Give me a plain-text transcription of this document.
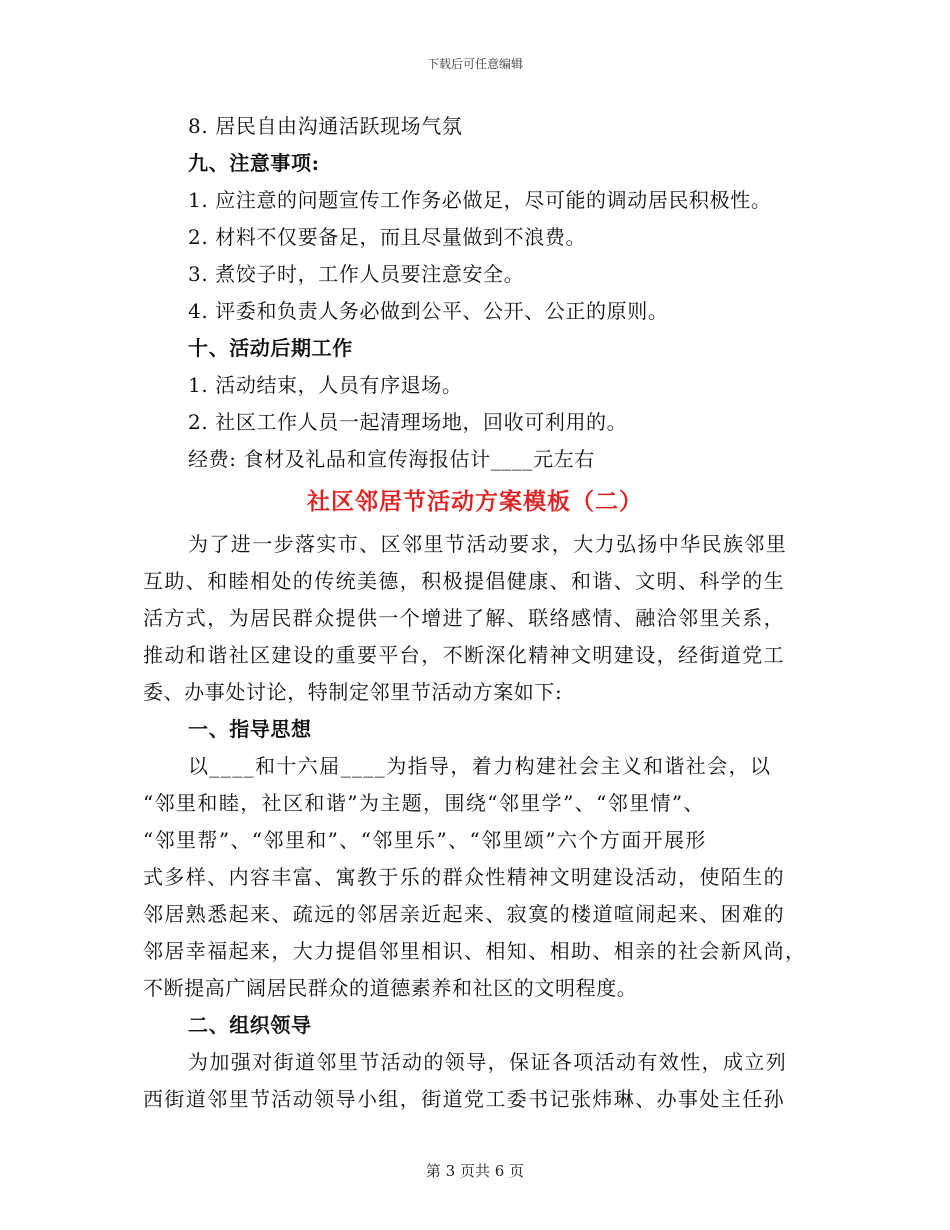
下载后可任意编辑
8. 居民自由沟通活跃现场气氛
九、注意事项:
1. 应注意的问题宣传工作务必做足，尽可能的调动居民积极性。
2. 材料不仅要备足，而且尽量做到不浪费。
3. 煮饺子时，工作人员要注意安全。
4. 评委和负责人务必做到公平、公开、公正的原则。
十、活动后期工作
1. 活动结束，人员有序退场。
2. 社区工作人员一起清理场地，回收可利用的。
经费: 食材及礼品和宣传海报估计____元左右
社区邻居节活动方案模板（二）
为了进一步落实市、区邻里节活动要求，大力弘扬中华民族邻里
互助、和睦相处的传统美德，积极提倡健康、和谐、文明、科学的生
活方式，为居民群众提供一个增进了解、联络感情、融洽邻里关系，
推动和谐社区建设的重要平台，不断深化精神文明建设，经街道党工
委、办事处讨论，特制定邻里节活动方案如下:
一、指导思想
以____和十六届____为指导，着力构建社会主义和谐社会，以
“邻里和睦，社区和谐”为主题，围绕“邻里学”、“邻里情”、
“邻里帮”、“邻里和”、“邻里乐”、“邻里颂”六个方面开展形
式多样、内容丰富、寓教于乐的群众性精神文明建设活动，使陌生的
邻居熟悉起来、疏远的邻居亲近起来、寂寞的楼道喧闹起来、困难的
邻居幸福起来，大力提倡邻里相识、相知、相助、相亲的社会新风尚，
不断提高广阔居民群众的道德素养和社区的文明程度。
二、组织领导
为加强对街道邻里节活动的领导，保证各项活动有效性，成立列
西街道邻里节活动领导小组，街道党工委书记张炜琳、办事处主任孙
第 3 页共 6 页
